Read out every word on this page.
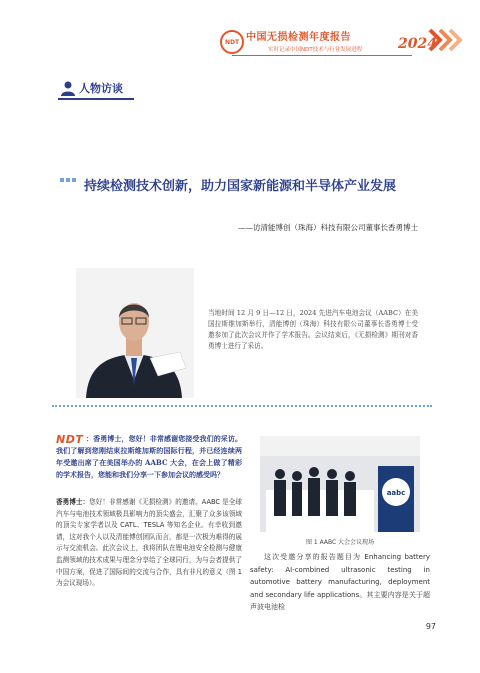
NDT 中国无损检测年度报告
实时记录中国NDT技术与行业发展进程	2024
人物访谈
持续检测技术创新，助力国家新能源和半导体产业发展
——访清能博创（珠海）科技有限公司董事长香勇博士
当地时间 12 月 9 日—12 日，2024 先进汽车电池会议（AABC）在美国拉斯维加斯举行，清能博创（珠海）科技有限公司董事长香勇博士受邀参加了此次会议并作了学术报告。会议结束后，《无损检测》期刊对香勇博士进行了采访。
：香勇博士，您好！非常感谢您接受我们的采访。我们了解到您刚结束拉斯维加斯的国际行程，并已经连续两年受邀出席了在美国举办的 AABC 大会，在会上做了精彩的学术报告，您能和我们分享一下参加会议的感受吗？
NDT
香勇博士：您好！非常感谢《无损检测》的邀请。AABC 是全球汽车与电池技术领域极具影响力的顶尖盛会，汇聚了众多该领域的顶尖专家学者以及 CATL、TESLA 等知名企业。有幸收到邀请，这对我个人以及清能博创团队而言，都是一次极为难得的展示与交流机会。此次会议上，我将团队在锂电池安全检测与健康监测领域的技术成果与理念分享给了全球同行，为与会者提供了中国方案，促进了国际间的交流与合作，具有非凡的意义（图 1 为会议现场）。
aabc
图 1 AABC 大会会议现场
这次受邀分享的报告题目为 Enhancing battery safety: AI-combined ultrasonic testing in automotive battery manufacturing, deployment and secondary life applications。其主要内容是关于超声波电池检
97
